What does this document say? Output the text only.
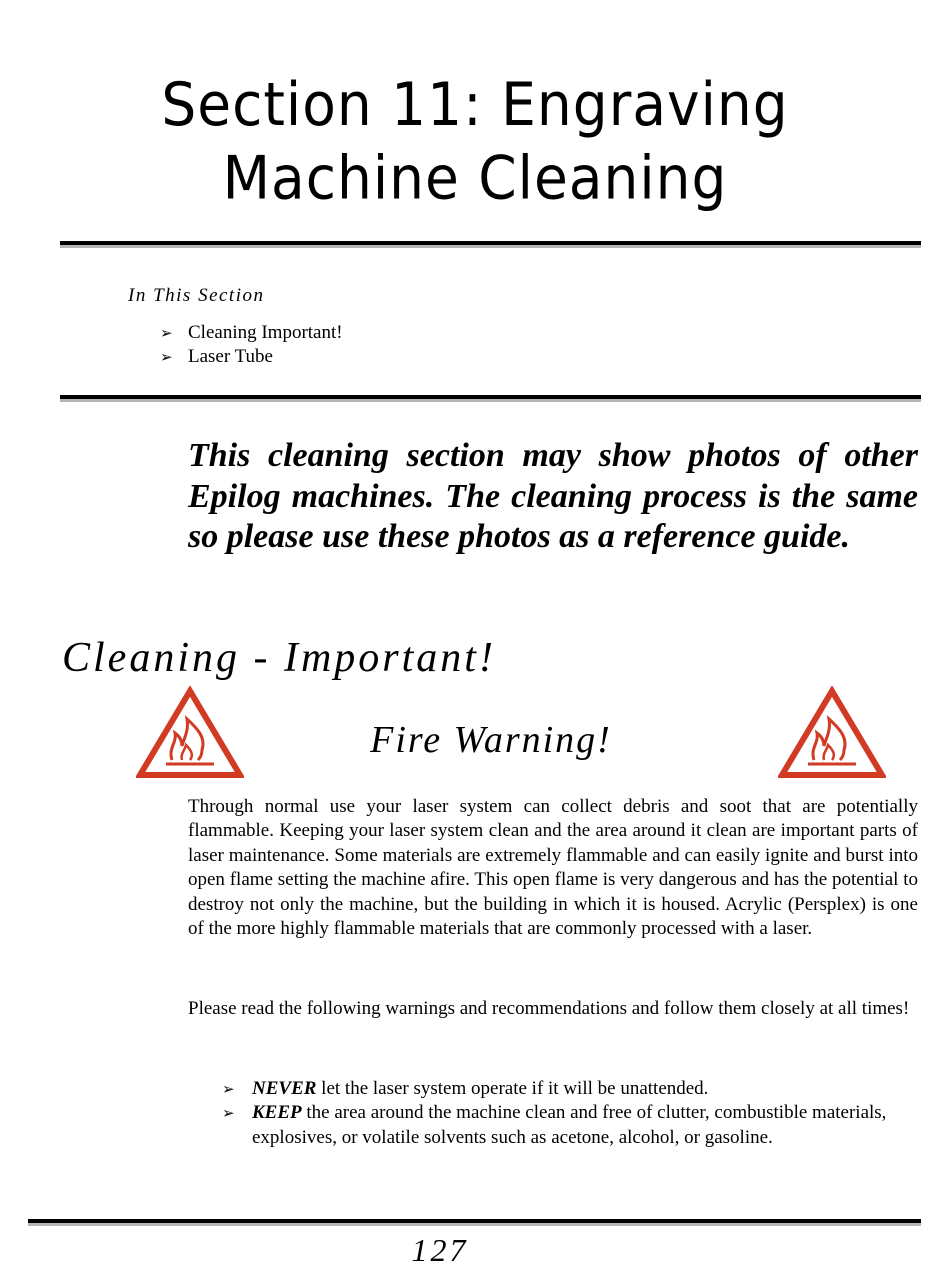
Section 11: Engraving
Machine Cleaning
In This Section
➢ Cleaning Important!
➢ Laser Tube

This cleaning section may show photos of other Epilog machines. The cleaning process is the same so please use these photos as a reference guide.

Cleaning - Important!
Fire Warning!

Through normal use your laser system can collect debris and soot that are potentially flammable. Keeping your laser system clean and the area around it clean are important parts of laser maintenance. Some materials are extremely flammable and can easily ignite and burst into open flame setting the machine afire. This open flame is very dangerous and has the potential to destroy not only the machine, but the building in which it is housed. Acrylic (Persplex) is one of the more highly flammable materials that are commonly processed with a laser.

Please read the following warnings and recommendations and follow them closely at all times!

➢ NEVER let the laser system operate if it will be unattended.
➢ KEEP the area around the machine clean and free of clutter, combustible materials, explosives, or volatile solvents such as acetone, alcohol, or gasoline.
127
